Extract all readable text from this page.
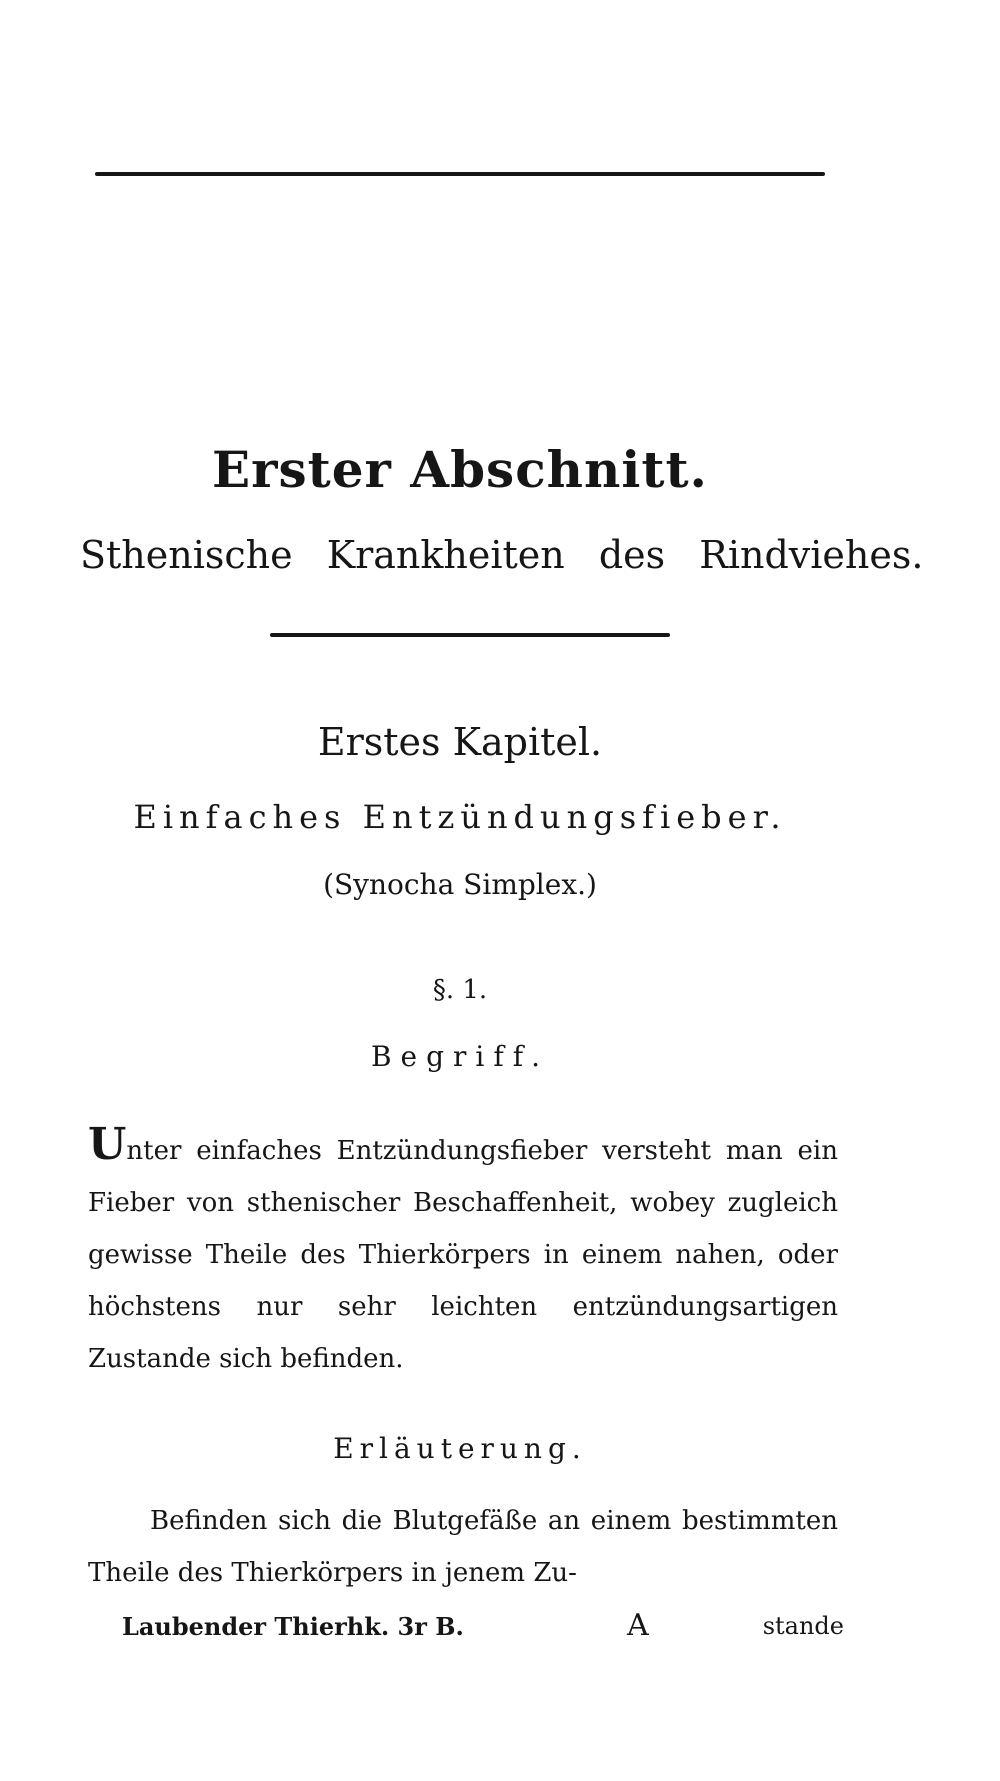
Erster Abschnitt.
Sthenische Krankheiten des Rindviehes.
Erstes Kapitel.
Einfaches Entzündungsfieber.
(Synocha Simplex.)
§. 1.
Begriff.
Unter einfaches Entzündungsfieber versteht man ein Fieber von sthenischer Beschaffenheit, wobey zugleich gewisse Theile des Thierkörpers in einem nahen, oder höchstens nur sehr leichten entzündungsartigen Zustande sich befinden.
Erläuterung.
Befinden sich die Blutgefäße an einem bestimmten Theile des Thierkörpers in jenem Zu-
Laubender Thierhk. 3r B.	A	stande
